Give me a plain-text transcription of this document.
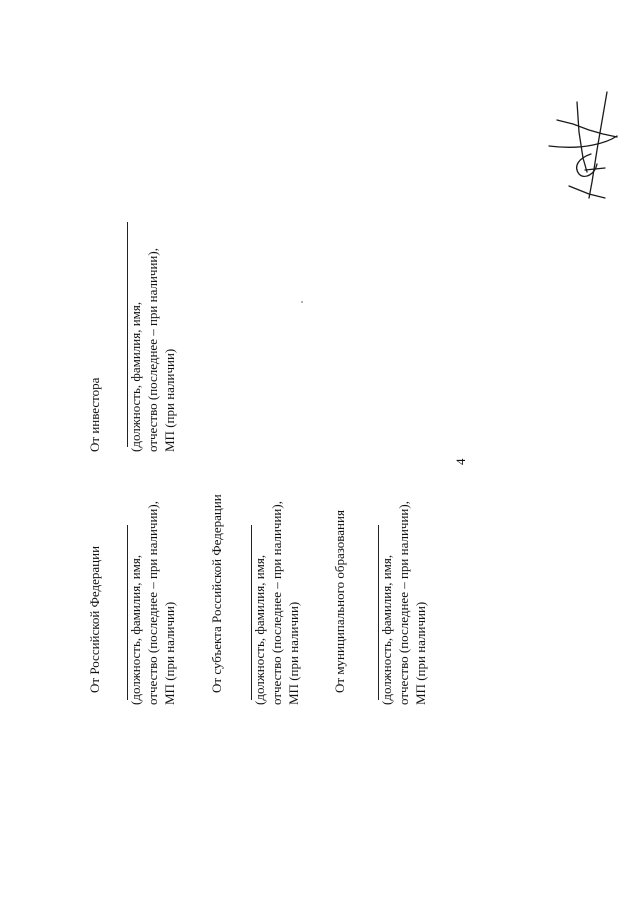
4
От Российской Федерации (должность, фамилия, имя, отчество (последнее – при наличии), МП (при наличии) От субъекта Российской Федерации (должность, фамилия, имя, отчество (последнее – при наличии), МП (при наличии) От муниципального образования (должность, фамилия, имя, отчество (последнее – при наличии), МП (при наличии)
От инвестора (должность, фамилия, имя, отчество (последнее – при наличии), МП (при наличии)
